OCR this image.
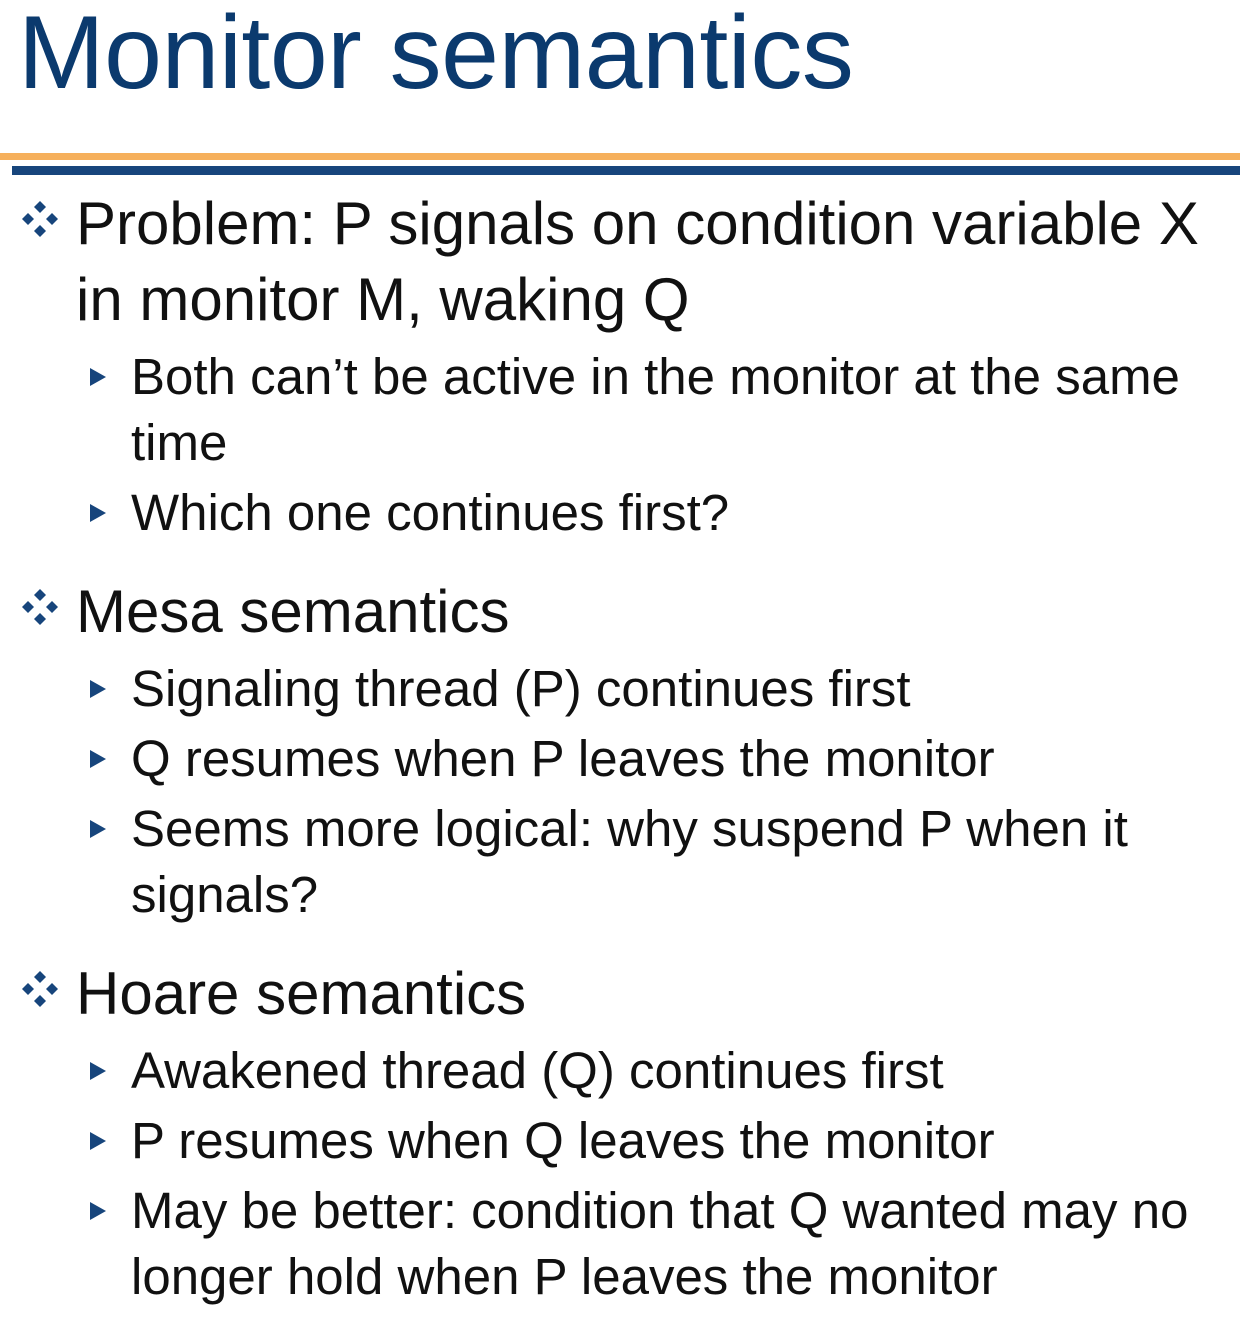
Monitor semantics

Problem: P signals on condition variable X in monitor M, waking Q

Both can’t be active in the monitor at the same time

Which one continues first?

Mesa semantics

Signaling thread (P) continues first

Q resumes when P leaves the monitor

Seems more logical: why suspend P when it signals?

Hoare semantics

Awakened thread (Q) continues first

P resumes when Q leaves the monitor

May be better: condition that Q wanted may no longer hold when P leaves the monitor
